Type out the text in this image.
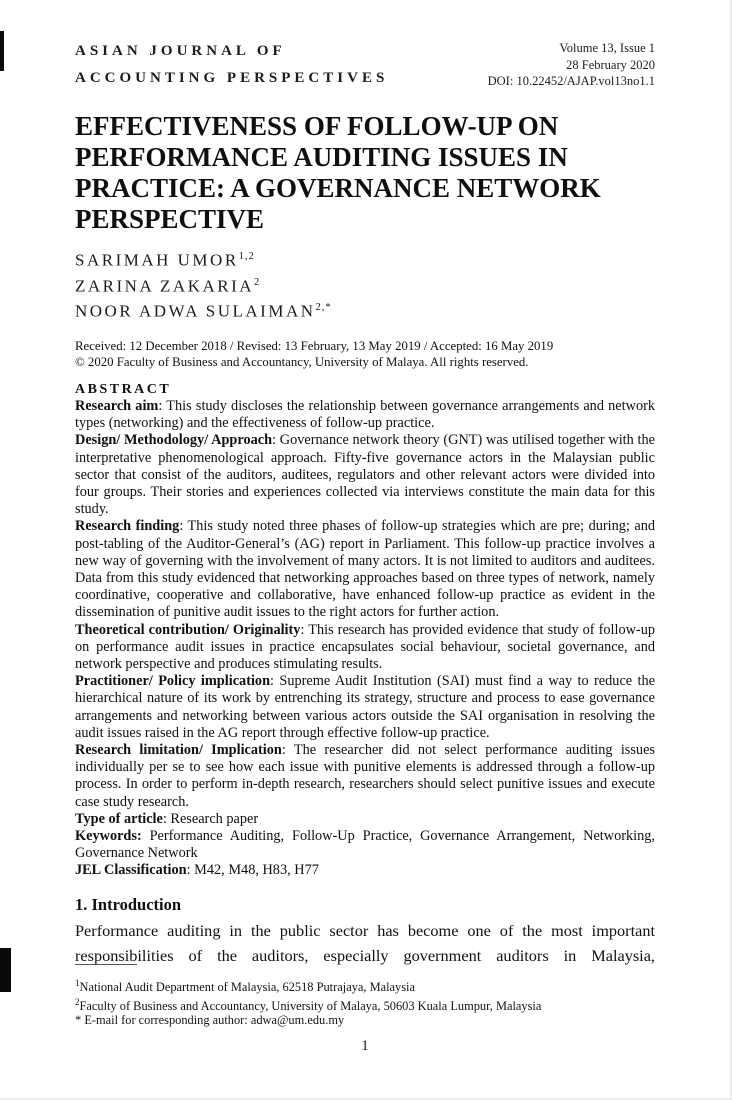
ASIAN JOURNAL OF
ACCOUNTING PERSPECTIVES
Volume 13, Issue 1
28 February 2020
DOI: 10.22452/AJAP.vol13no1.1
EFFECTIVENESS OF FOLLOW-UP ON PERFORMANCE AUDITING ISSUES IN PRACTICE: A GOVERNANCE NETWORK PERSPECTIVE
SARIMAH UMOR$^{1,2}$
ZARINA ZAKARIA$^2$
NOOR ADWA $SULAIMAN^{2,*}$
Received: 12 December 2018 / Revised: 13 February, 13 May 2019 / Accepted: 16 May 2019
© 2020 Faculty of Business and Accountancy, University of Malaya. All rights reserved.
ABSTRACT

Research aim: This study discloses the relationship between governance arrangements and network types (networking) and the effectiveness of follow-up practice.

Design/ Methodology/ Approach: Governance network theory (GNT) was utilised together with the interpretative phenomenological approach. Fifty-five governance actors in the Malaysian public sector that consist of the auditors, auditees, regulators and other relevant actors were divided into four groups. Their stories and experiences collected via interviews constitute the main data for this study.

Research finding: This study noted three phases of follow-up strategies which are pre; during; and post-tabling of the Auditor-General’s (AG) report in Parliament. This follow-up practice involves a new way of governing with the involvement of many actors. It is not limited to auditors and auditees. Data from this study evidenced that networking approaches based on three types of network, namely coordinative, cooperative and collaborative, have enhanced follow-up practice as evident in the dissemination of punitive audit issues to the right actors for further action.

Theoretical contribution/ Originality: This research has provided evidence that study of follow-up on performance audit issues in practice encapsulates social behaviour, societal governance, and network perspective and produces stimulating results.

Practitioner/ Policy implication: Supreme Audit Institution (SAI) must find a way to reduce the hierarchical nature of its work by entrenching its strategy, structure and process to ease governance arrangements and networking between various actors outside the SAI organisation in resolving the audit issues raised in the AG report through effective follow-up practice.

Research limitation/ Implication: The researcher did not select performance auditing issues individually per se to see how each issue with punitive elements is addressed through a follow-up process. In order to perform in-depth research, researchers should select punitive issues and execute case study research.

Type of article: Research paper

Keywords: Performance Auditing, Follow-Up Practice, Governance Arrangement, Networking, Governance Network

JEL Classification: M42, M48, H83, H77

1. Introduction

Performance auditing in the public sector has become one of the most important responsibilities of the auditors, especially government auditors in Malaysia,

$^1$National Audit Department of Malaysia, 62518 Putrajaya, Malaysia
$^2$Faculty of Business and Accountancy, University of Malaya, 50603 Kuala Lumpur, Malaysia
* E-mail for corresponding author: adwa@um.edu.my
1
